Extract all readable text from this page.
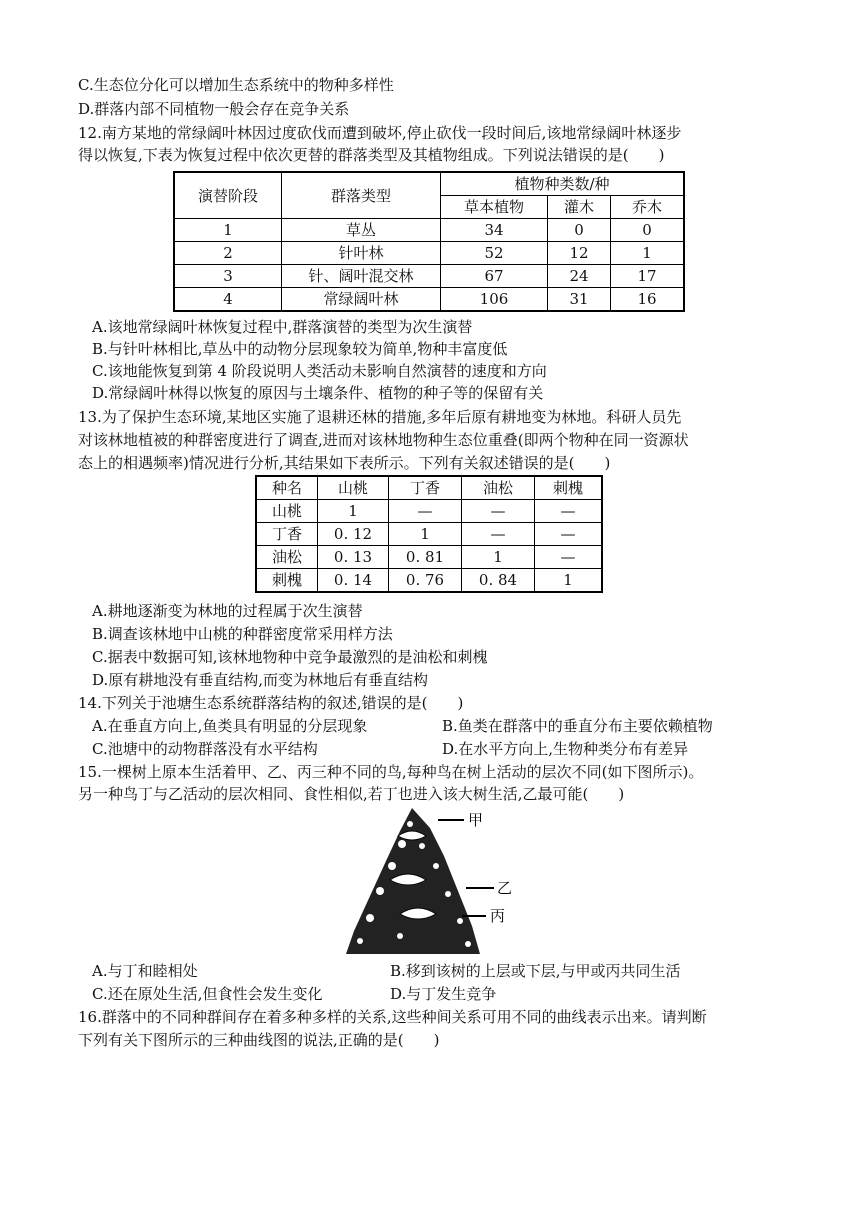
C.生态位分化可以增加生态系统中的物种多样性
D.群落内部不同植物一般会存在竞争关系
12.南方某地的常绿阔叶林因过度砍伐而遭到破坏,停止砍伐一段时间后,该地常绿阔叶林逐步
得以恢复,下表为恢复过程中依次更替的群落类型及其植物组成。下列说法错误的是(　　)
演替阶段	群落类型	植物种类数/种		
		草本植物	灌木	乔木
1	草丛	34	0	0
2	针叶林	52	12	1
3	针、阔叶混交林	67	24	17
4	常绿阔叶林	106	31	16
A.该地常绿阔叶林恢复过程中,群落演替的类型为次生演替
B.与针叶林相比,草丛中的动物分层现象较为简单,物种丰富度低
C.该地能恢复到第 4 阶段说明人类活动未影响自然演替的速度和方向
D.常绿阔叶林得以恢复的原因与土壤条件、植物的种子等的保留有关
13.为了保护生态环境,某地区实施了退耕还林的措施,多年后原有耕地变为林地。科研人员先
对该林地植被的种群密度进行了调查,进而对该林地物种生态位重叠(即两个物种在同一资源状
态上的相遇频率)情况进行分析,其结果如下表所示。下列有关叙述错误的是(　　)
种名	山桃	丁香	油松	刺槐
山桃	1	—	—	—
丁香	0. 12	1	—	—
油松	0. 13	0. 81	1	—
刺槐	0. 14	0. 76	0. 84	1
A.耕地逐渐变为林地的过程属于次生演替
B.调查该林地中山桃的种群密度常采用样方法
C.据表中数据可知,该林地物种中竞争最激烈的是油松和刺槐
D.原有耕地没有垂直结构,而变为林地后有垂直结构
14.下列关于池塘生态系统群落结构的叙述,错误的是(　　)
A.在垂直方向上,鱼类具有明显的分层现象	B.鱼类在群落中的垂直分布主要依赖植物
C.池塘中的动物群落没有水平结构	D.在水平方向上,生物种类分布有差异
15.一棵树上原本生活着甲、乙、丙三种不同的鸟,每种鸟在树上活动的层次不同(如下图所示)。
另一种鸟丁与乙活动的层次相同、食性相似,若丁也进入该大树生活,乙最可能(　　)
甲
乙
丙
A.与丁和睦相处	B.移到该树的上层或下层,与甲或丙共同生活
C.还在原处生活,但食性会发生变化	D.与丁发生竞争
16.群落中的不同种群间存在着多种多样的关系,这些种间关系可用不同的曲线表示出来。请判断
下列有关下图所示的三种曲线图的说法,正确的是(　　)
